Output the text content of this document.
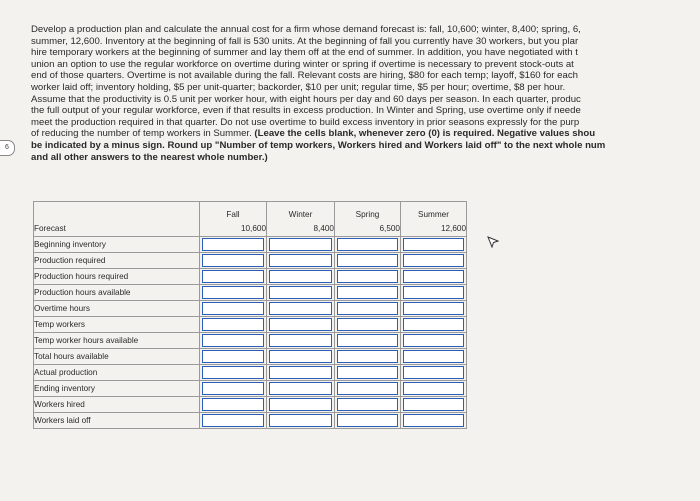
6
Develop a production plan and calculate the annual cost for a firm whose demand forecast is: fall, 10,600; winter, 8,400; spring, 6,
summer, 12,600. Inventory at the beginning of fall is 530 units. At the beginning of fall you currently have 30 workers, but you plar
hire temporary workers at the beginning of summer and lay them off at the end of summer. In addition, you have negotiated with t
union an option to use the regular workforce on overtime during winter or spring if overtime is necessary to prevent stock-outs at
end of those quarters. Overtime is not available during the fall. Relevant costs are hiring, $80 for each temp; layoff, $160 for each
worker laid off; inventory holding, $5 per unit-quarter; backorder, $10 per unit; regular time, $5 per hour; overtime, $8 per hour.
Assume that the productivity is 0.5 unit per worker hour, with eight hours per day and 60 days per season. In each quarter, produc
the full output of your regular workforce, even if that results in excess production. In Winter and Spring, use overtime only if neede
meet the production required in that quarter. Do not use overtime to build excess inventory in prior seasons expressly for the purp
of reducing the number of temp workers in Summer. (Leave the cells blank, whenever zero (0) is required. Negative values shou
be indicated by a minus sign. Round up "Number of temp workers, Workers hired and Workers laid off" to the next whole num
and all other answers to the nearest whole number.)
	Fall	Winter	Spring	Summer
Forecast	10,600	8,400	6,500	12,600
Beginning inventory	

Production required	

Production hours required	

Production hours available	

Overtime hours	

Temp workers	

Temp worker hours available	

Total hours available	

Actual production	

Ending inventory	

Workers hired	

Workers laid off	
